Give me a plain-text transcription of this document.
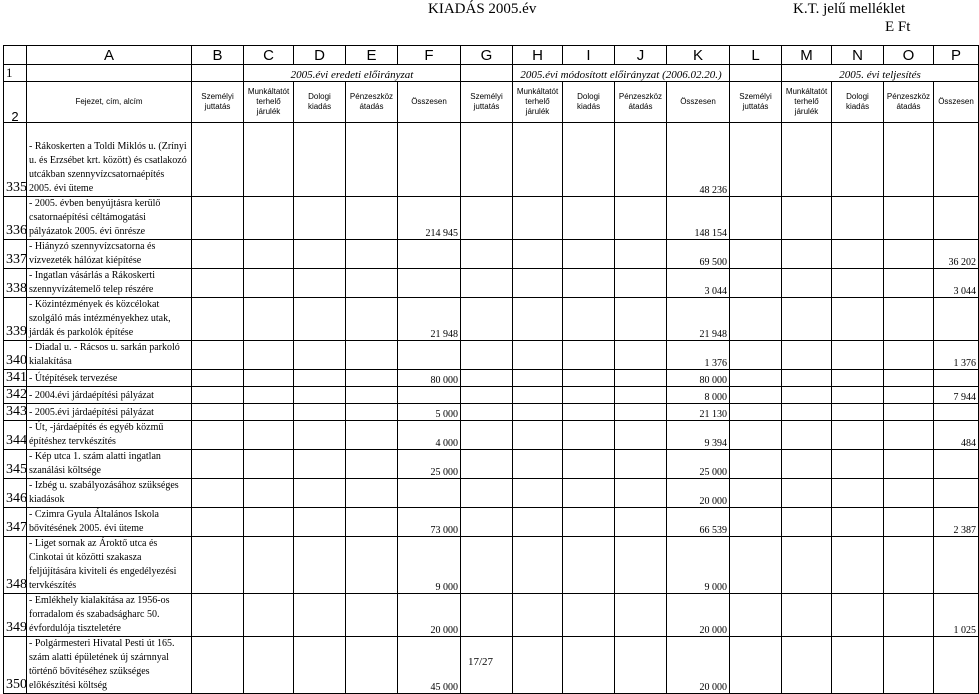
KIADÁS 2005.év	K.T. jelű melléklet
E Ft
	A	B	C	D	E	F	G	H	I	J	K	L	M	N	O	P
1			2005.évi eredeti előirányzat					2005.évi módosított előirányzat (2006.02.20.)					2005. évi teljesítés			
2	Fejezet, cím, alcím	Személyi juttatás	Munkáltatót terhelő járulék	Dologi kiadás	Pénzeszköz átadás	Összesen	Személyi juttatás	Munkáltatót terhelő járulék	Dologi kiadás	Pénzeszköz átadás	Összesen	Személyi juttatás	Munkáltatót terhelő járulék	Dologi kiadás	Pénzeszköz átadás	Összesen
335	- Rákoskerten a Toldi Miklós u. (Zrínyi u. és Erzsébet krt. között) és csatlakozó utcákban szennyvízcsatornaépítés 2005. évi üteme										48 236					
336	- 2005. évben benyújtásra kerülő csatornaépítési céltámogatási pályázatok 2005. évi önrésze					214 945					148 154					
337	- Hiányzó szennyvízcsatorna és vízvezeték hálózat kiépítése										69 500					36 202
338	- Ingatlan vásárlás a Rákoskerti szennyvízátemelő telep részére										3 044					3 044
339	- Közintézmények és közcélokat szolgáló más intézményekhez utak, járdák és parkolók építése					21 948					21 948					
340	- Diadal u. - Rácsos u. sarkán parkoló kialakítása										1 376					1 376
341	- Útépítések tervezése					80 000					80 000					
342	- 2004.évi járdaépítési pályázat										8 000					7 944
343	- 2005.évi járdaépítési pályázat					5 000					21 130					
344	- Út, -járdaépítés és egyéb közmű építéshez tervkészítés					4 000					9 394					484
345	- Kép utca 1. szám alatti ingatlan szanálási költsége					25 000					25 000					
346	- Izbég u. szabályozásához szükséges kiadások										20 000					
347	- Czimra Gyula Általános Iskola bővítésének 2005. évi üteme					73 000					66 539					2 387
348	- Liget sornak az Ároktő utca és Cinkotai út közötti szakasza feljújítására kiviteli és engedélyezési tervkészítés					9 000					9 000					
349	- Emlékhely kialakítása az 1956-os forradalom és szabadságharc 50. évfordulója tiszteletére					20 000					20 000					1 025
350	- Polgármesteri Hivatal Pesti út 165. szám alatti épületének új szárnnyal történő bővítéséhez szükséges előkészítési költség					45 000					20 000					
17/27
